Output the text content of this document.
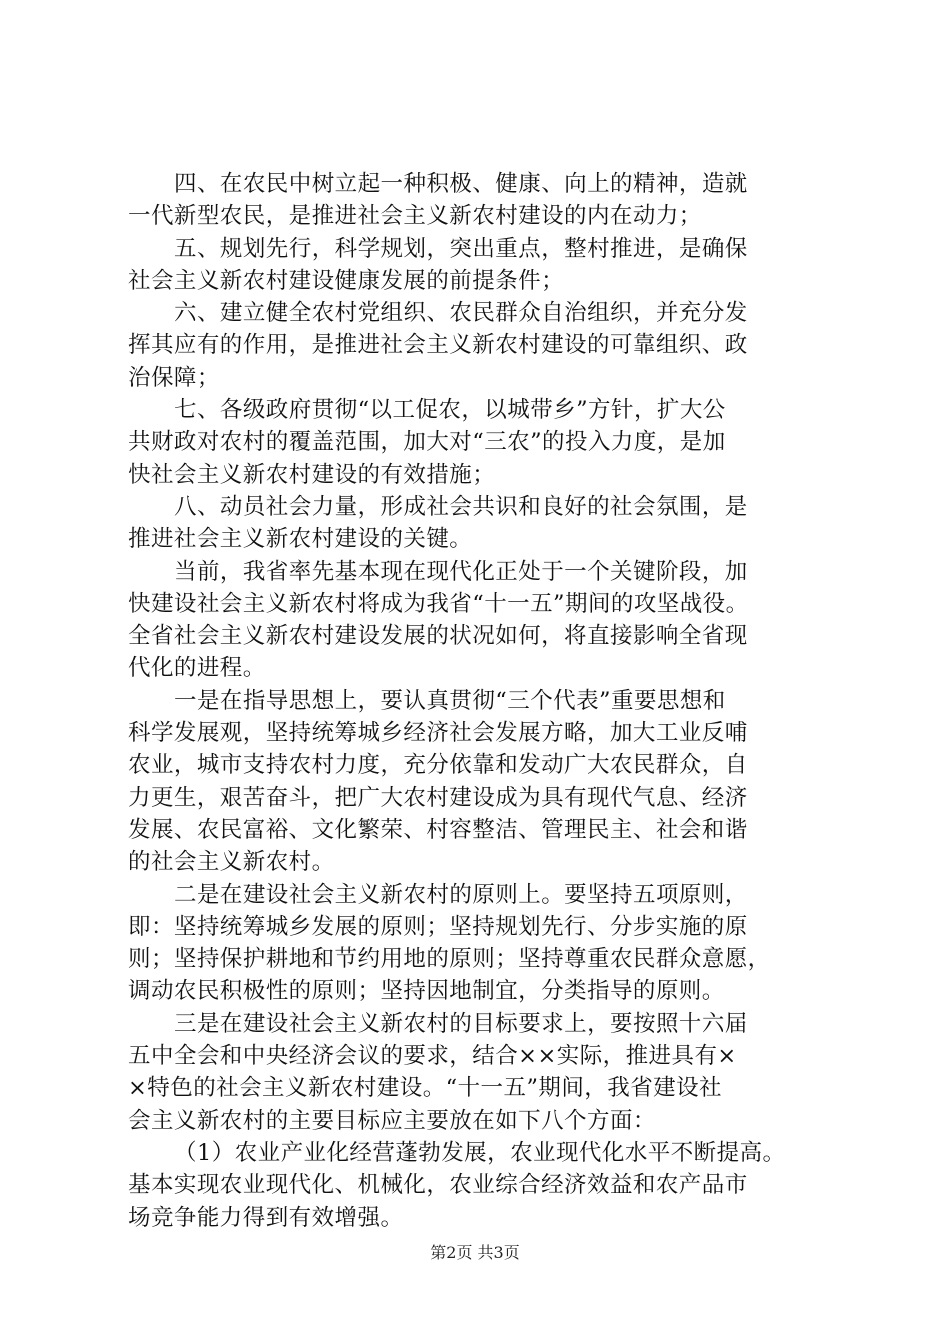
四、在农民中树立起一种积极、健康、向上的精神，造就
一代新型农民，是推进社会主义新农村建设的内在动力；
五、规划先行，科学规划，突出重点，整村推进，是确保
社会主义新农村建设健康发展的前提条件；
六、建立健全农村党组织、农民群众自治组织，并充分发
挥其应有的作用，是推进社会主义新农村建设的可靠组织、政
治保障；
七、各级政府贯彻“以工促农，以城带乡”方针，扩大公
共财政对农村的覆盖范围，加大对“三农”的投入力度，是加
快社会主义新农村建设的有效措施；
八、动员社会力量，形成社会共识和良好的社会氛围，是
推进社会主义新农村建设的关键。
当前，我省率先基本现在现代化正处于一个关键阶段，加
快建设社会主义新农村将成为我省“十一五”期间的攻坚战役。
全省社会主义新农村建设发展的状况如何，将直接影响全省现
代化的进程。
一是在指导思想上，要认真贯彻“三个代表”重要思想和
科学发展观，坚持统筹城乡经济社会发展方略，加大工业反哺
农业，城市支持农村力度，充分依靠和发动广大农民群众，自
力更生，艰苦奋斗，把广大农村建设成为具有现代气息、经济
发展、农民富裕、文化繁荣、村容整洁、管理民主、社会和谐
的社会主义新农村。
二是在建设社会主义新农村的原则上。要坚持五项原则，
即：坚持统筹城乡发展的原则；坚持规划先行、分步实施的原
则；坚持保护耕地和节约用地的原则；坚持尊重农民群众意愿，
调动农民积极性的原则；坚持因地制宜，分类指导的原则。
三是在建设社会主义新农村的目标要求上，要按照十六届
五中全会和中央经济会议的要求，结合××实际，推进具有×
×特色的社会主义新农村建设。“十一五”期间，我省建设社
会主义新农村的主要目标应主要放在如下八个方面：
（1）农业产业化经营蓬勃发展，农业现代化水平不断提高。
基本实现农业现代化、机械化，农业综合经济效益和农产品市
场竞争能力得到有效增强。
第2页 共3页
